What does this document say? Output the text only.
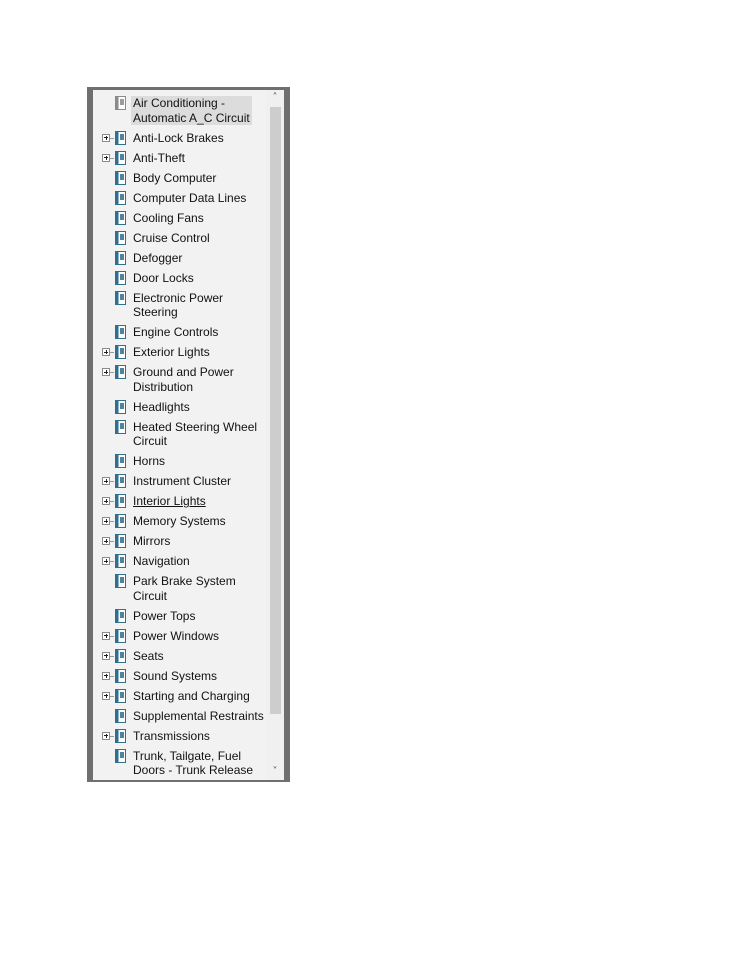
Air Conditioning -
Automatic A_C Circuit
Anti-Lock Brakes
Anti-Theft
Body Computer
Computer Data Lines
Cooling Fans
Cruise Control
Defogger
Door Locks
Electronic Power
Steering
Engine Controls
Exterior Lights
Ground and Power
Distribution
Headlights
Heated Steering Wheel
Circuit
Horns
Instrument Cluster
Interior Lights
Memory Systems
Mirrors
Navigation
Park Brake System
Circuit
Power Tops
Power Windows
Seats
Sound Systems
Starting and Charging
Supplemental Restraints
Transmissions
Trunk, Tailgate, Fuel
Doors - Trunk Release
˄
˅
